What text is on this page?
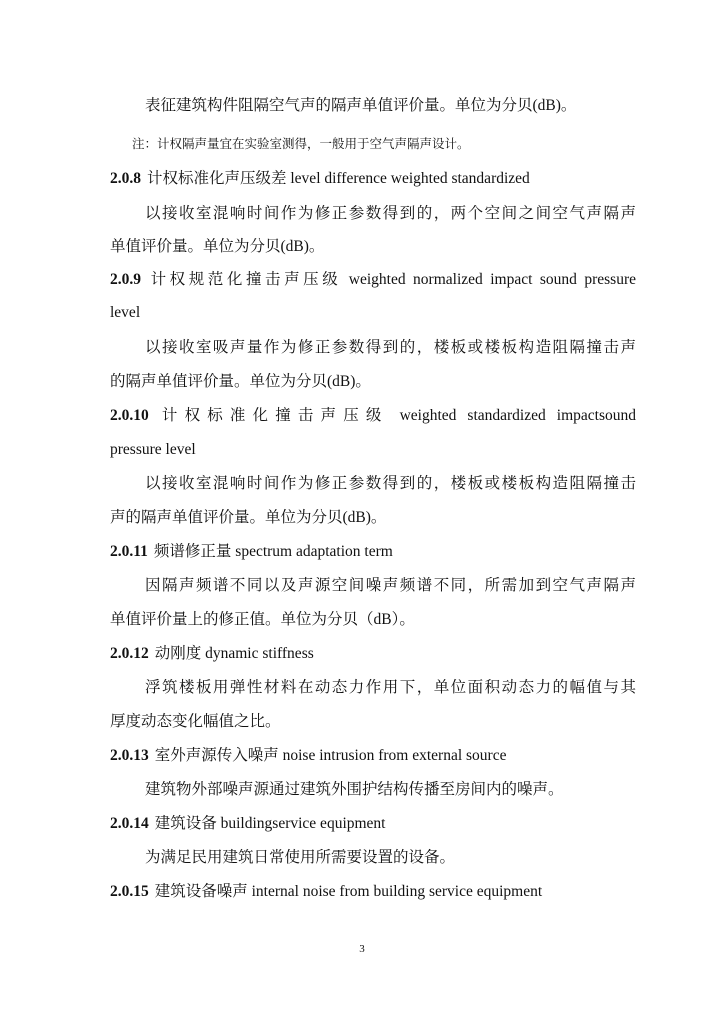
表征建筑构件阻隔空气声的隔声单值评价量。单位为分贝(dB)。
注：计权隔声量宜在实验室测得，一般用于空气声隔声设计。
2.0.8 计权标准化声压级差 level difference weighted standardized
以接收室混响时间作为修正参数得到的，两个空间之间空气声隔声
单值评价量。单位为分贝(dB)。
2.0.9 计权规范化撞击声压级 weighted normalized impact sound pressure
level
以接收室吸声量作为修正参数得到的，楼板或楼板构造阻隔撞击声
的隔声单值评价量。单位为分贝(dB)。
2.0.10 计权标准化撞击声压级 weighted standardized impactsound
pressure level
以接收室混响时间作为修正参数得到的，楼板或楼板构造阻隔撞击
声的隔声单值评价量。单位为分贝(dB)。
2.0.11 频谱修正量 spectrum adaptation term
因隔声频谱不同以及声源空间噪声频谱不同，所需加到空气声隔声
单值评价量上的修正值。单位为分贝（dB）。
2.0.12 动刚度 dynamic stiffness
浮筑楼板用弹性材料在动态力作用下，单位面积动态力的幅值与其
厚度动态变化幅值之比。
2.0.13 室外声源传入噪声 noise intrusion from external source
建筑物外部噪声源通过建筑外围护结构传播至房间内的噪声。
2.0.14 建筑设备 buildingservice equipment
为满足民用建筑日常使用所需要设置的设备。
2.0.15 建筑设备噪声 internal noise from building service equipment
3
